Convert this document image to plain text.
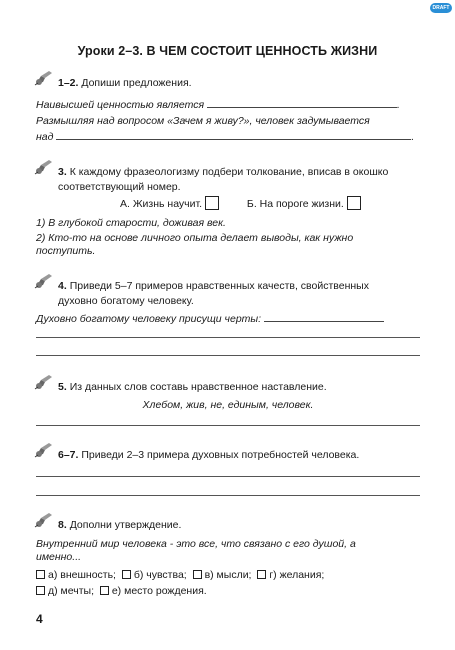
DRAFT
Уроки 2–3. В ЧЕМ СОСТОИТ ЦЕННОСТЬ ЖИЗНИ
1–2. Допиши предложения.
Наивысшей ценностью является	.
Размышляя над вопросом «Зачем я живу?», человек задумывается
над	.
3. К каждому фразеологизму подбери толкование, вписав в окошко
соответствующий номер.
А. Жизнь научит.	Б. На пороге жизни.
1) В глубокой старости, доживая век.
2) Кто-то на основе личного опыта делает выводы, как нужно
поступить.
4. Приведи 5–7 примеров нравственных качеств, свойственных
духовно богатому человеку.
Духовно богатому человеку присущи черты:
5. Из данных слов составь нравственное наставление.
Хлебом, жив, не, единым, человек.
6–7. Приведи 2–3 примера духовных потребностей человека.
8. Дополни утверждение.
Внутренний мир человека - это все, что связано с его душой, а
именно...
а) внешность; б) чувства; в) мысли; г) желания;
д) мечты; е) место рождения.
4
